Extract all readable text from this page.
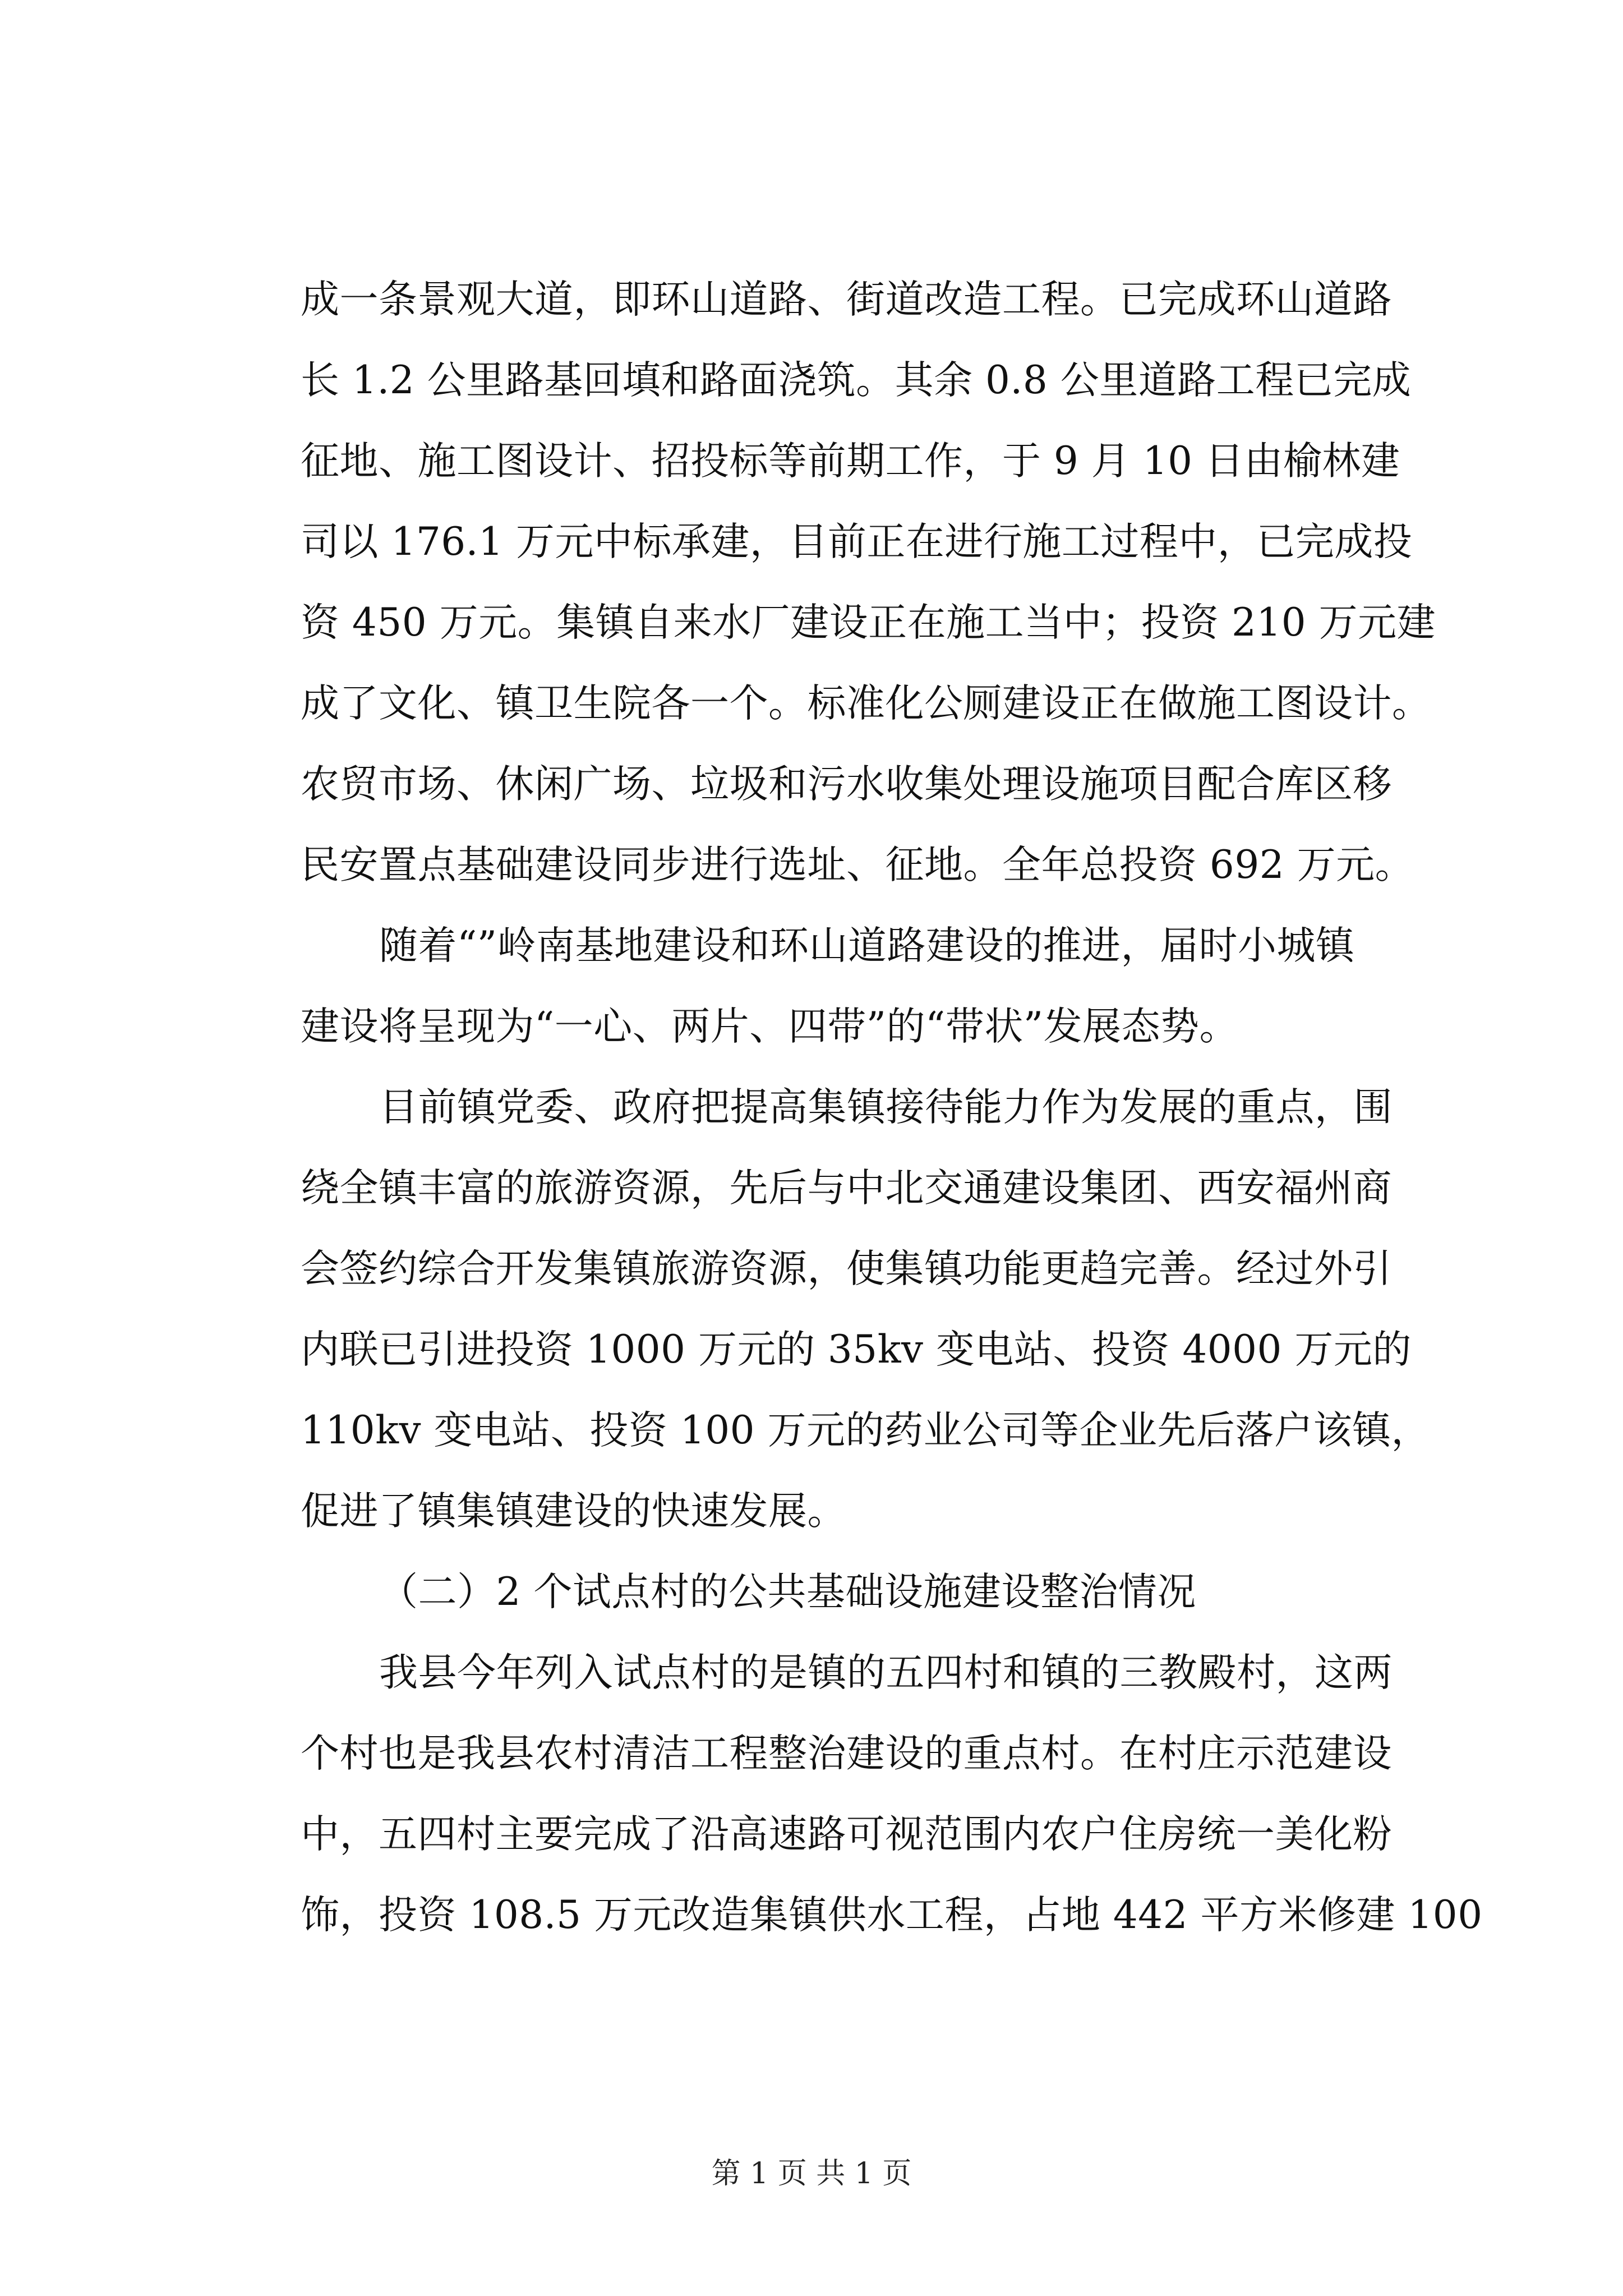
成一条景观大道，即环山道路、街道改造工程。已完成环山道路
长 1.2 公里路基回填和路面浇筑。其余 0.8 公里道路工程已完成
征地、施工图设计、招投标等前期工作，于 9 月 10 日由榆林建
司以 176.1 万元中标承建，目前正在进行施工过程中，已完成投
资 450 万元。集镇自来水厂建设正在施工当中；投资 210 万元建
成了文化、镇卫生院各一个。标准化公厕建设正在做施工图设计。
农贸市场、休闲广场、垃圾和污水收集处理设施项目配合库区移
民安置点基础建设同步进行选址、征地。全年总投资 692 万元。
随着“”岭南基地建设和环山道路建设的推进，届时小城镇
建设将呈现为“一心、两片、四带”的“带状”发展态势。
目前镇党委、政府把提高集镇接待能力作为发展的重点，围
绕全镇丰富的旅游资源，先后与中北交通建设集团、西安福州商
会签约综合开发集镇旅游资源，使集镇功能更趋完善。经过外引
内联已引进投资 1000 万元的 35kv 变电站、投资 4000 万元的
110kv 变电站、投资 100 万元的药业公司等企业先后落户该镇，
促进了镇集镇建设的快速发展。
（二）2 个试点村的公共基础设施建设整治情况
我县今年列入试点村的是镇的五四村和镇的三教殿村，这两
个村也是我县农村清洁工程整治建设的重点村。在村庄示范建设
中，五四村主要完成了沿高速路可视范围内农户住房统一美化粉
饰，投资 108.5 万元改造集镇供水工程，占地 442 平方米修建 100
第 1 页 共 1 页
